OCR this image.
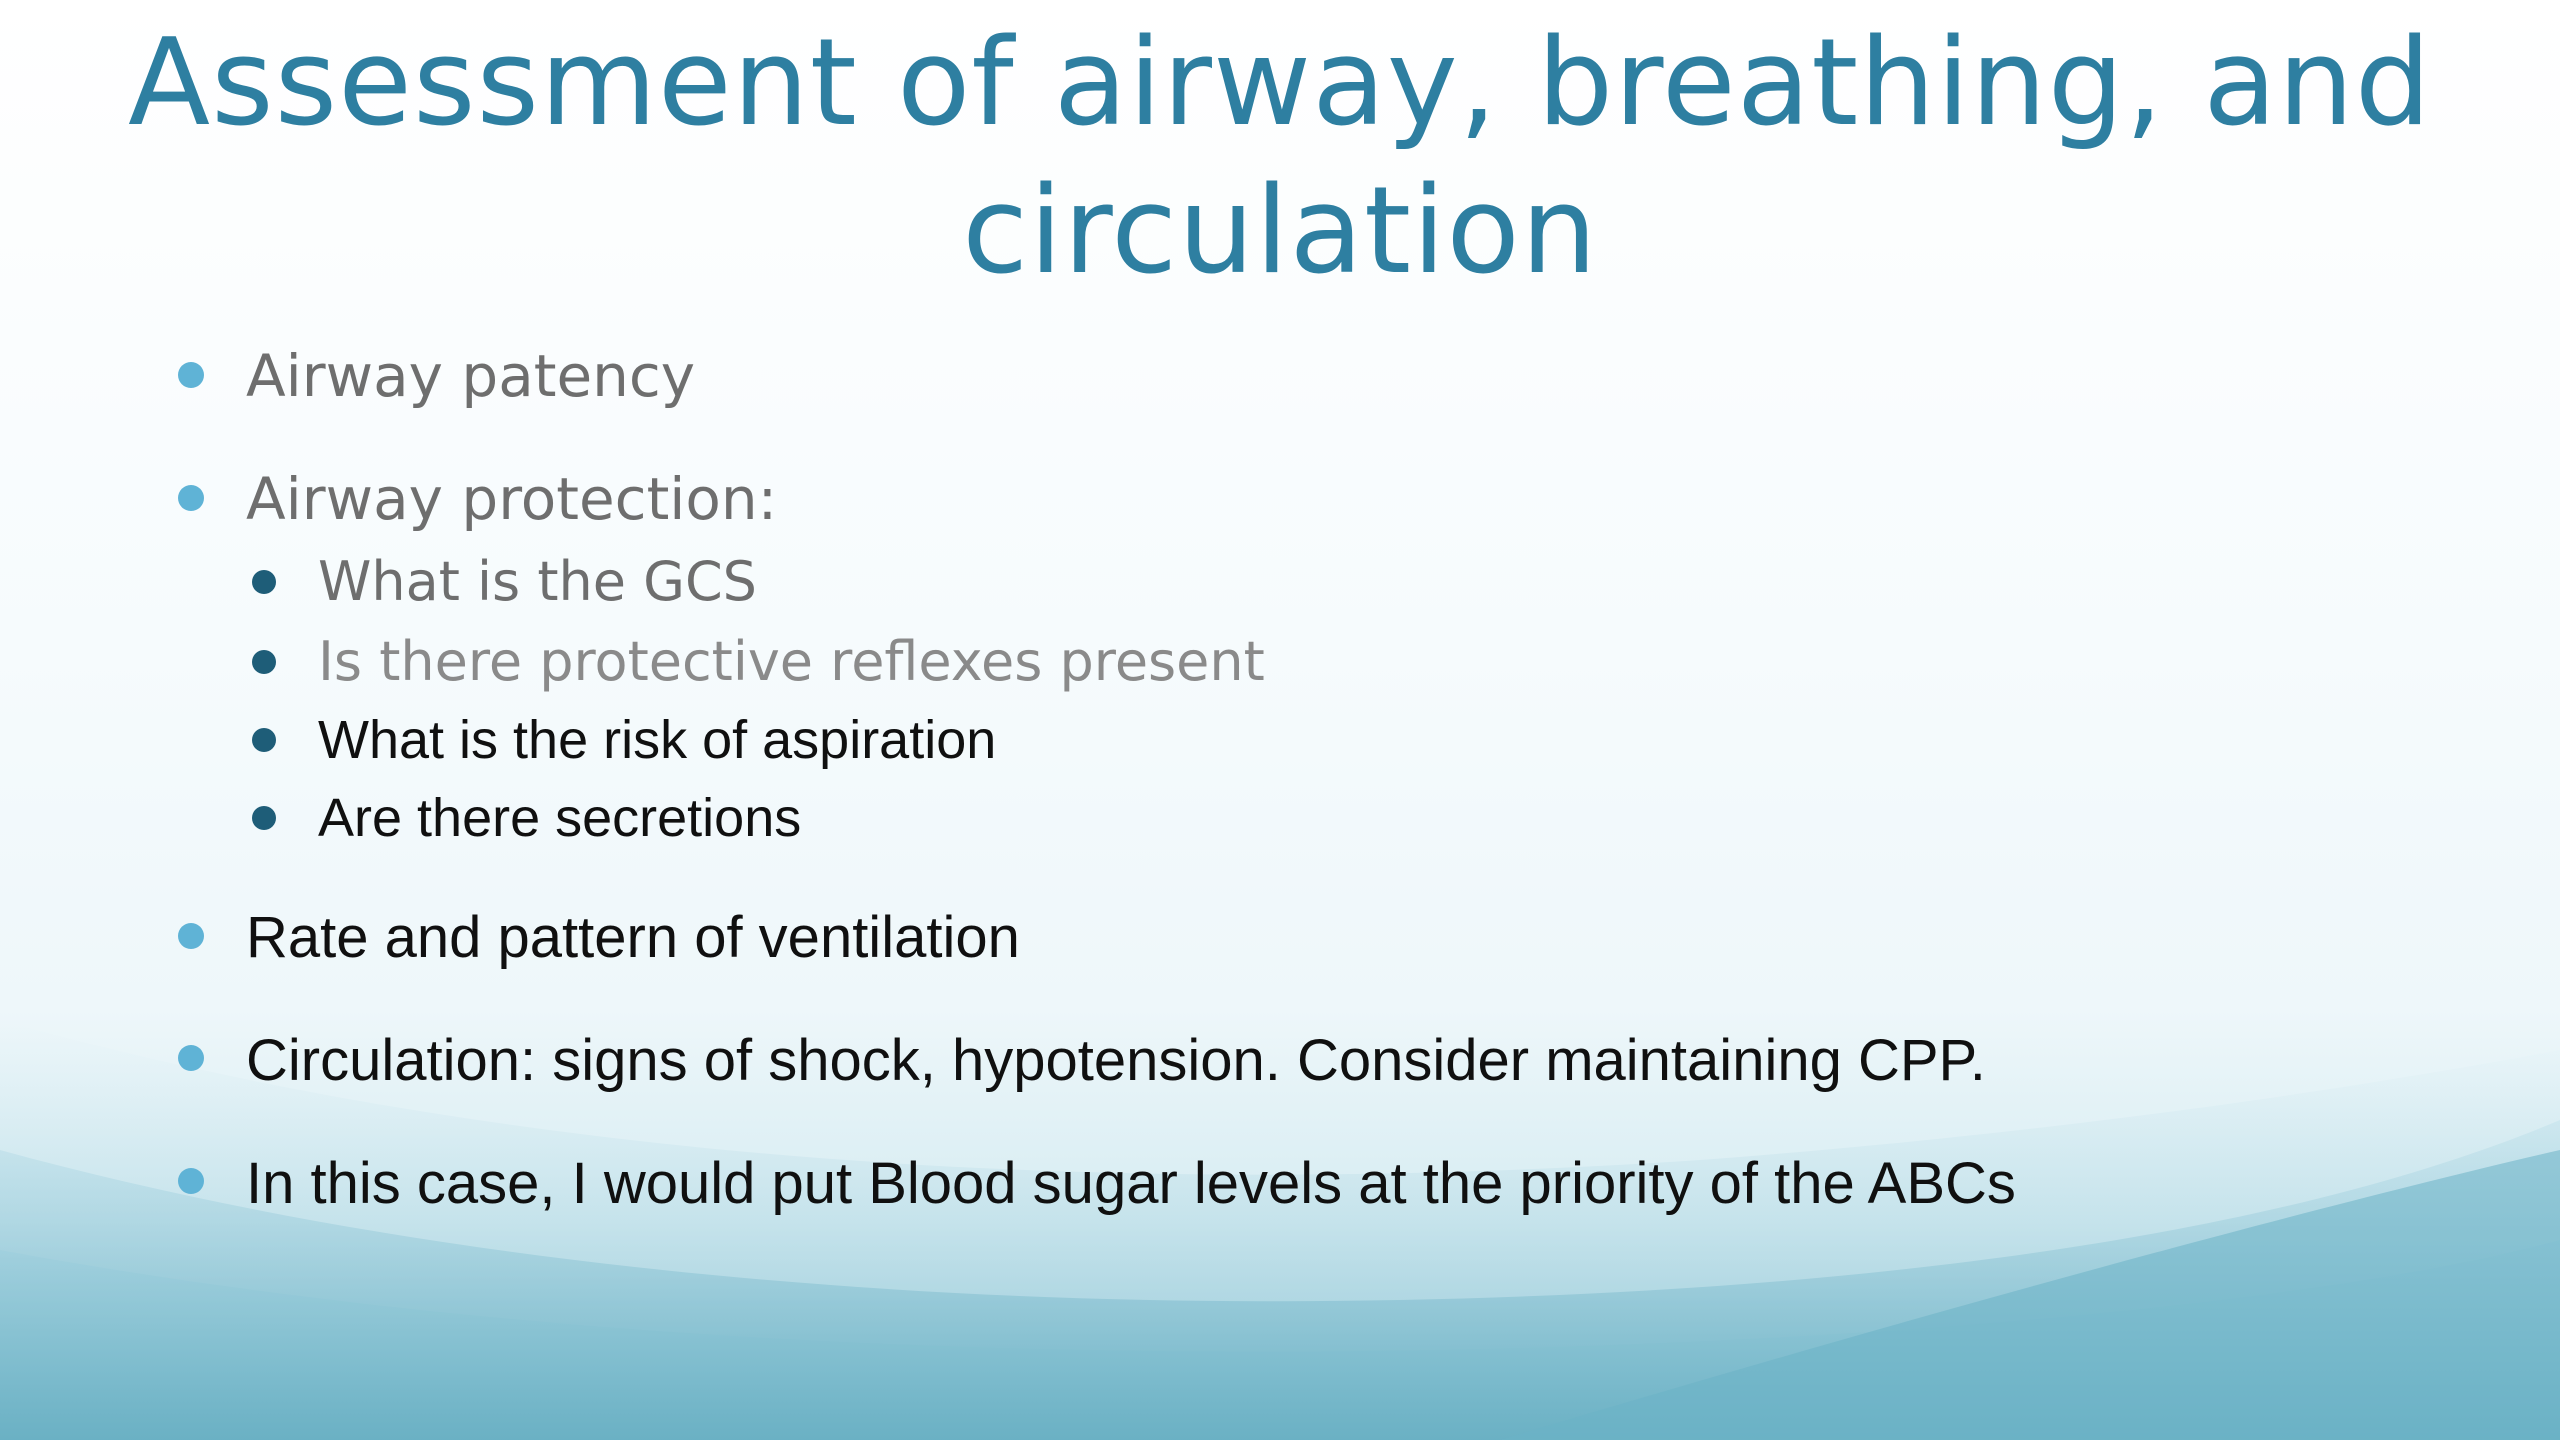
Assessment of airway, breathing, and circulation
Airway patency
Airway protection:
What is the GCS
Is there protective reflexes present
What is the risk of aspiration
Are there secretions
Rate and pattern of ventilation
Circulation: signs of shock, hypotension. Consider maintaining CPP.
In this case, I would put Blood sugar levels at the priority of the ABCs
